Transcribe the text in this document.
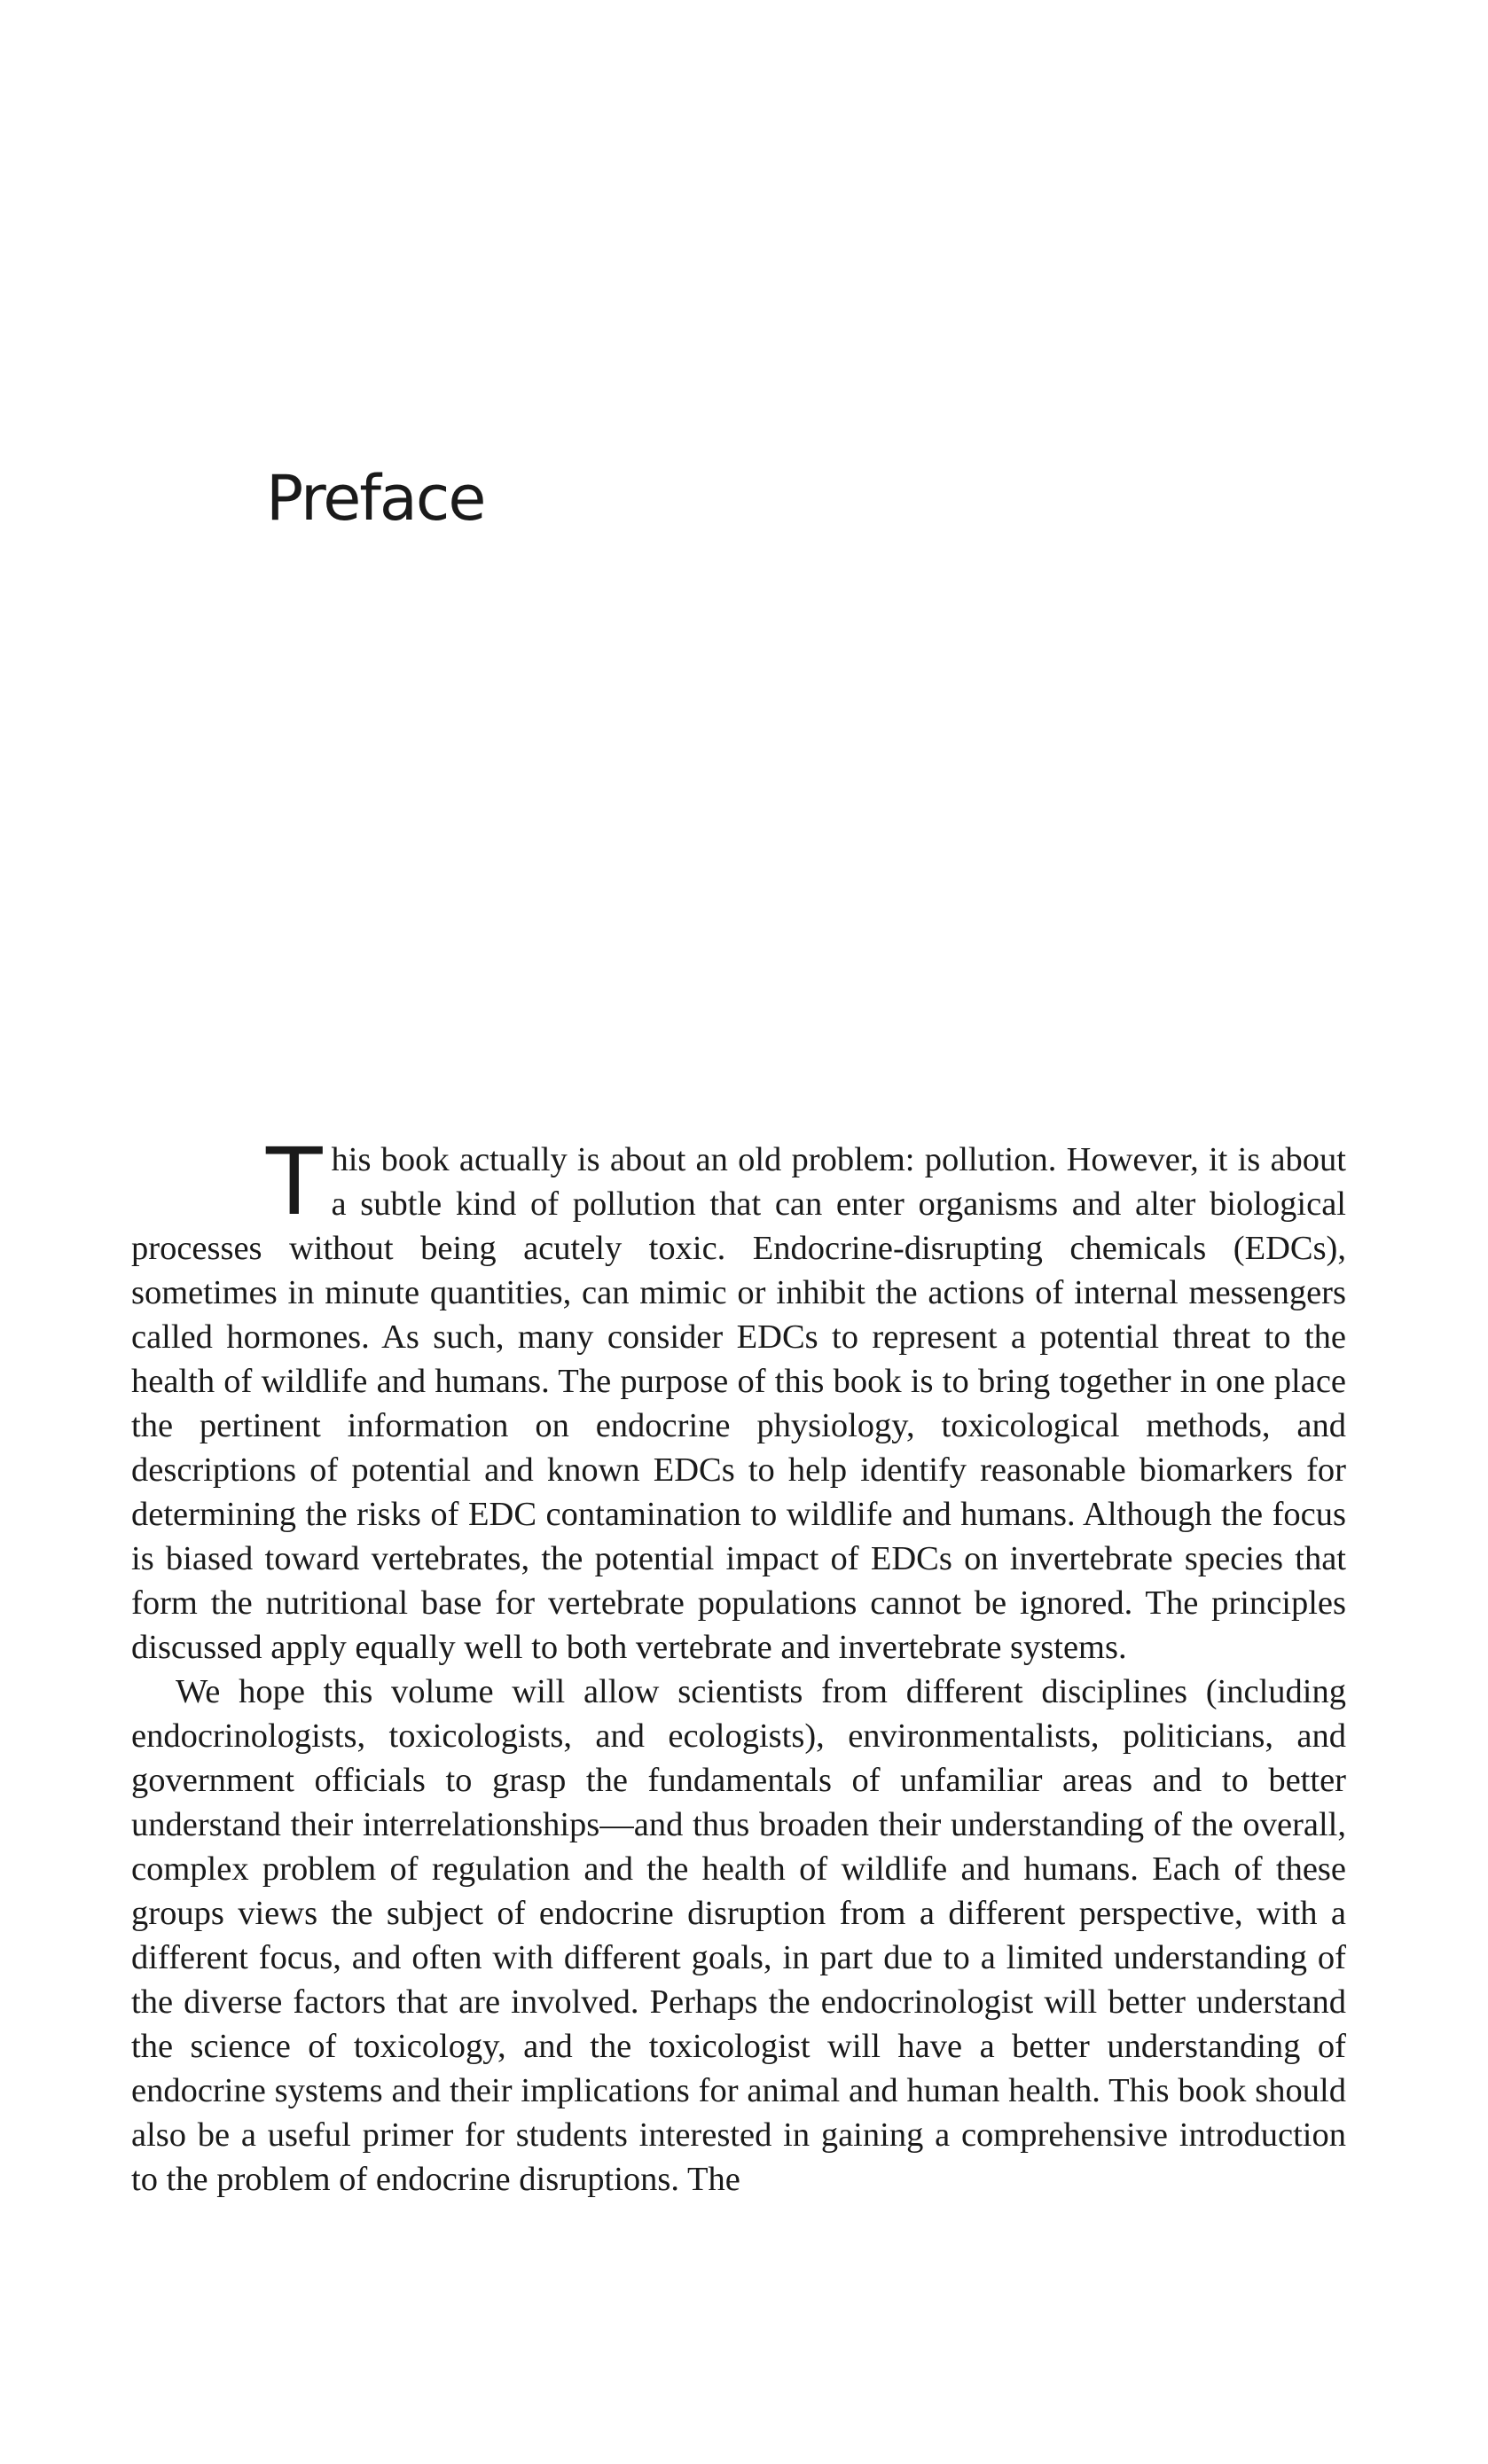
Preface

This book actually is about an old problem: pollution. However, it is about a subtle kind of pollution that can enter organisms and alter biological processes without being acutely toxic. Endocrine-disrupting chemicals (EDCs), sometimes in minute quantities, can mimic or inhibit the actions of internal messengers called hormones. As such, many consider EDCs to represent a potential threat to the health of wildlife and humans. The purpose of this book is to bring together in one place the pertinent information on endocrine physiology, toxicological methods, and descriptions of potential and known EDCs to help identify reasonable biomarkers for determining the risks of EDC contamination to wildlife and humans. Although the focus is biased toward vertebrates, the potential impact of EDCs on invertebrate species that form the nutritional base for vertebrate populations cannot be ignored. The principles discussed apply equally well to both vertebrate and invertebrate systems.

We hope this volume will allow scientists from different disciplines (including endocrinologists, toxicologists, and ecologists), environmentalists, politicians, and government officials to grasp the fundamentals of unfamiliar areas and to better understand their interrelationships—and thus broaden their understanding of the overall, complex problem of regulation and the health of wildlife and humans. Each of these groups views the subject of endocrine disruption from a different perspective, with a different focus, and often with different goals, in part due to a limited understanding of the diverse factors that are involved. Perhaps the endocrinologist will better understand the science of toxicology, and the toxicologist will have a better understanding of endocrine systems and their implications for animal and human health. This book should also be a useful primer for students interested in gaining a comprehensive introduction to the problem of endocrine disruptions. The
